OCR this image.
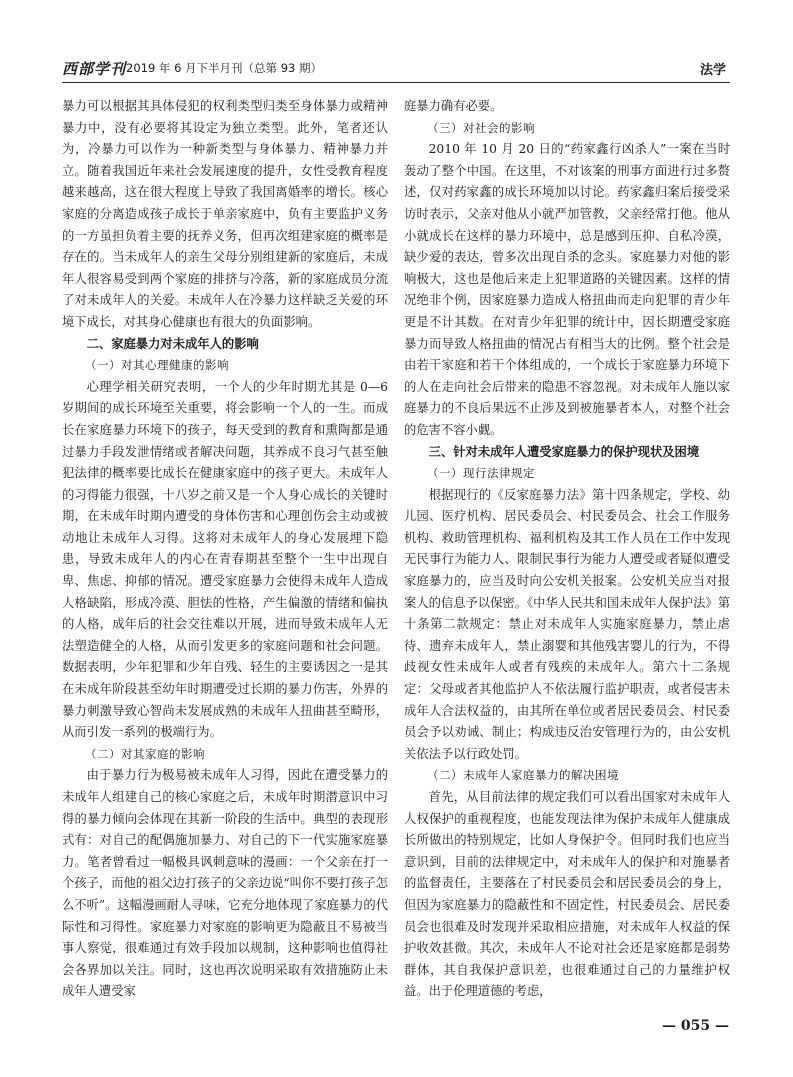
西部学刊 2019 年 6 月下半月刊（总第 93 期）	法学

暴力可以根据其具体侵犯的权利类型归类至身体暴力或精神暴力中，没有必要将其设定为独立类型。此外，笔者还认为，冷暴力可以作为一种新类型与身体暴力、精神暴力并立。随着我国近年来社会发展速度的提升，女性受教育程度越来越高，这在很大程度上导致了我国离婚率的增长。核心家庭的分离造成孩子成长于单亲家庭中，负有主要监护义务的一方虽担负着主要的抚养义务，但再次组建家庭的概率是存在的。当未成年人的亲生父母分别组建新的家庭后，未成年人很容易受到两个家庭的排挤与冷落，新的家庭成员分流了对未成年人的关爱。未成年人在冷暴力这样缺乏关爱的环境下成长，对其身心健康也有很大的负面影响。

二、家庭暴力对未成年人的影响
（一）对其心理健康的影响

心理学相关研究表明，一个人的少年时期尤其是 0—6 岁期间的成长环境至关重要，将会影响一个人的一生。而成长在家庭暴力环境下的孩子，每天受到的教育和熏陶都是通过暴力手段发泄情绪或者解决问题，其养成不良习气甚至触犯法律的概率要比成长在健康家庭中的孩子更大。未成年人的习得能力很强，十八岁之前又是一个人身心成长的关键时期，在未成年时期内遭受的身体伤害和心理创伤会主动或被动地让未成年人习得。这将对未成年人的身心发展埋下隐患，导致未成年人的内心在青春期甚至整个一生中出现自卑、焦虑、抑郁的情况。遭受家庭暴力会使得未成年人造成人格缺陷，形成冷漠、胆怯的性格，产生偏激的情绪和偏执的人格，成年后的社会交往难以开展，进而导致未成年人无法塑造健全的人格，从而引发更多的家庭问题和社会问题。数据表明，少年犯罪和少年自残、轻生的主要诱因之一是其在未成年阶段甚至幼年时期遭受过长期的暴力伤害，外界的暴力刺激导致心智尚未发展成熟的未成年人扭曲甚至畸形，从而引发一系列的极端行为。

（二）对其家庭的影响

由于暴力行为极易被未成年人习得，因此在遭受暴力的未成年人组建自己的核心家庭之后，未成年时期潜意识中习得的暴力倾向会体现在其新一阶段的生活中。典型的表现形式有：对自己的配偶施加暴力、对自己的下一代实施家庭暴力。笔者曾看过一幅极具讽刺意味的漫画：一个父亲在打一个孩子，而他的祖父边打孩子的父亲边说“叫你不要打孩子怎么不听”。这幅漫画耐人寻味，它充分地体现了家庭暴力的代际性和习得性。家庭暴力对家庭的影响更为隐蔽且不易被当事人察觉，很难通过有效手段加以规制，这种影响也值得社会各界加以关注。同时，这也再次说明采取有效措施防止未成年人遭受家

庭暴力确有必要。

（三）对社会的影响

2010 年 10 月 20 日的“药家鑫行凶杀人”一案在当时轰动了整个中国。在这里，不对该案的刑事方面进行过多赘述，仅对药家鑫的成长环境加以讨论。药家鑫归案后接受采访时表示，父亲对他从小就严加管教，父亲经常打他。他从小就成长在这样的暴力环境中，总是感到压抑、自私冷漠，缺少爱的表达，曾多次出现自杀的念头。家庭暴力对他的影响极大，这也是他后来走上犯罪道路的关键因素。这样的情况绝非个例，因家庭暴力造成人格扭曲而走向犯罪的青少年更是不计其数。在对青少年犯罪的统计中，因长期遭受家庭暴力而导致人格扭曲的情况占有相当大的比例。整个社会是由若干家庭和若干个体组成的，一个成长于家庭暴力环境下的人在走向社会后带来的隐患不容忽视。对未成年人施以家庭暴力的不良后果远不止涉及到被施暴者本人，对整个社会的危害不容小觑。

三、针对未成年人遭受家庭暴力的保护现状及困境
（一）现行法律规定

根据现行的《反家庭暴力法》第十四条规定，学校、幼儿园、医疗机构、居民委员会、村民委员会、社会工作服务机构、救助管理机构、福利机构及其工作人员在工作中发现无民事行为能力人、限制民事行为能力人遭受或者疑似遭受家庭暴力的，应当及时向公安机关报案。公安机关应当对报案人的信息予以保密。《中华人民共和国未成年人保护法》第十条第二款规定：禁止对未成年人实施家庭暴力，禁止虐待、遗弃未成年人，禁止溺婴和其他残害婴儿的行为，不得歧视女性未成年人或者有残疾的未成年人。第六十二条规定：父母或者其他监护人不依法履行监护职责，或者侵害未成年人合法权益的，由其所在单位或者居民委员会、村民委员会予以劝诫、制止；构成违反治安管理行为的，由公安机关依法予以行政处罚。

（二）未成年人家庭暴力的解决困境

首先，从目前法律的规定我们可以看出国家对未成年人人权保护的重视程度，也能发现法律为保护未成年人健康成长所做出的特别规定，比如人身保护令。但同时我们也应当意识到，目前的法律规定中，对未成年人的保护和对施暴者的监督责任，主要落在了村民委员会和居民委员会的身上，但因为家庭暴力的隐蔽性和不固定性，村民委员会、居民委员会也很难及时发现并采取相应措施，对未成年人权益的保护收效甚微。其次，未成年人不论对社会还是家庭都是弱势群体，其自我保护意识差，也很难通过自己的力量维护权益。出于伦理道德的考虑，

— 055 —
